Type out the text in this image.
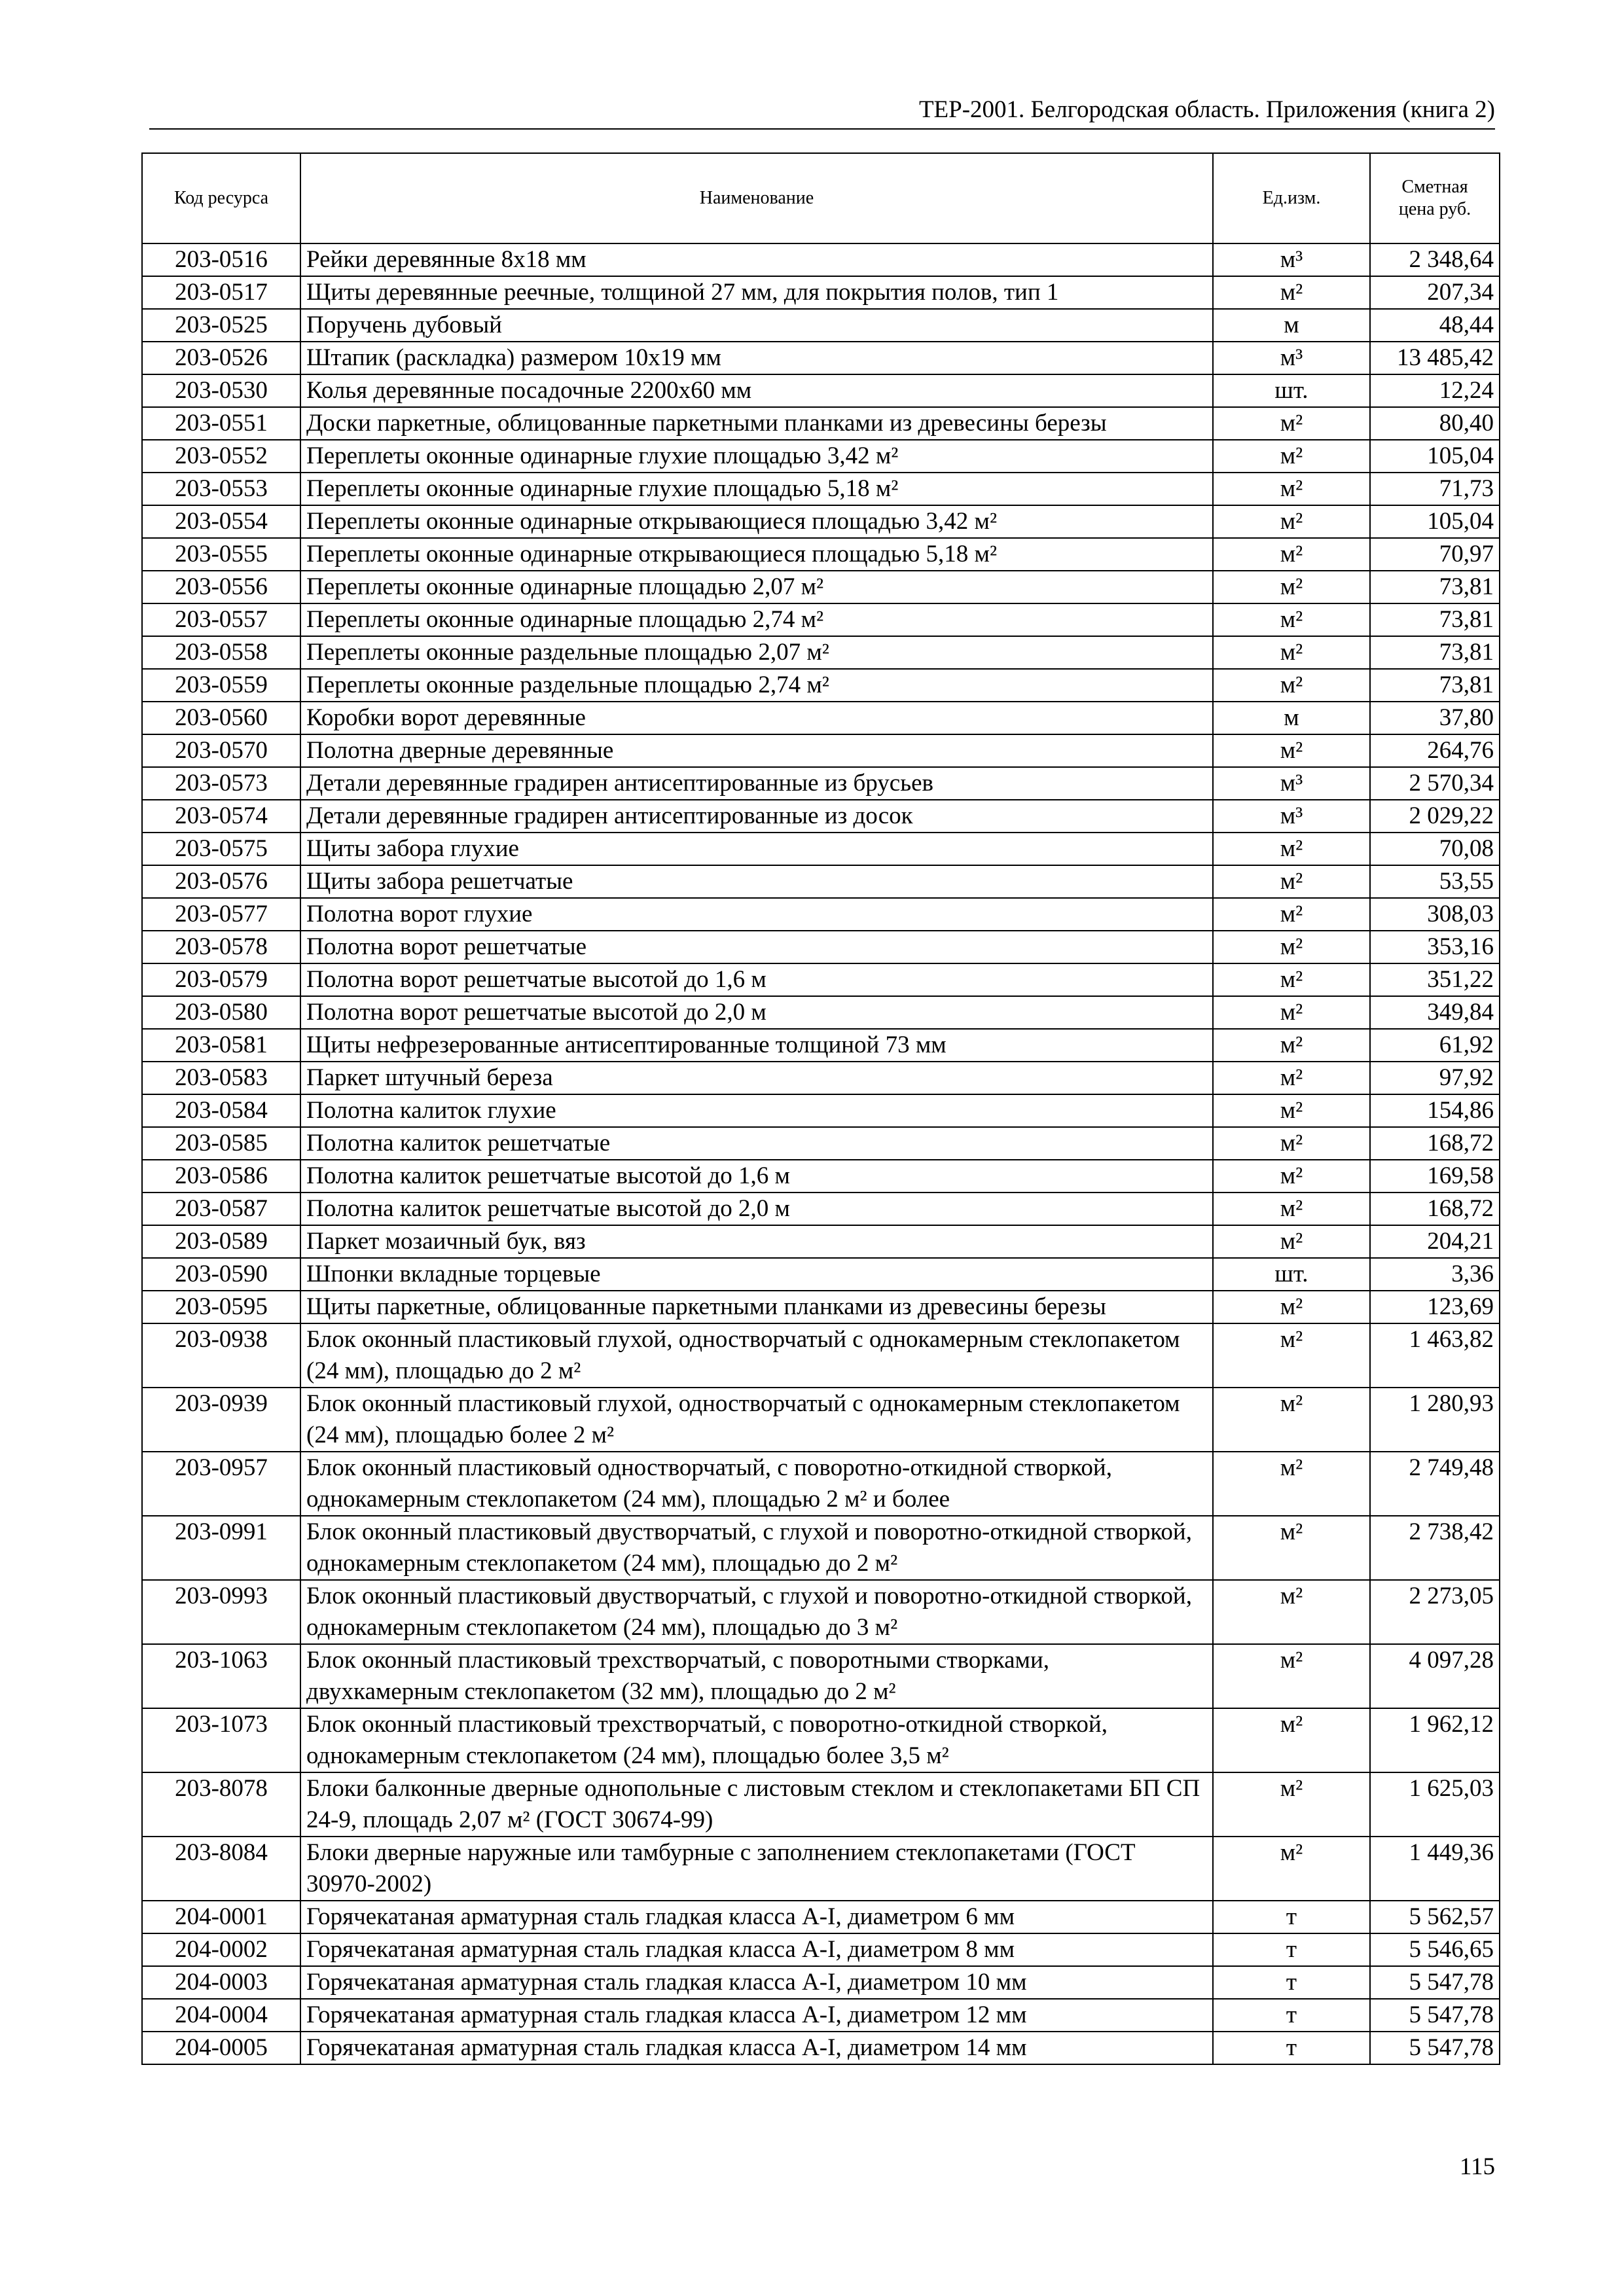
ТЕР-2001. Белгородская область. Приложения (книга 2)
Код ресурса	Наименование	Ед.изм.	Сметная цена руб.
203-0516	Рейки деревянные 8х18 мм	м³	2 348,64
203-0517	Щиты деревянные реечные, толщиной 27 мм, для покрытия полов, тип 1	м²	207,34
203-0525	Поручень дубовый	м	48,44
203-0526	Штапик (раскладка) размером 10х19 мм	м³	13 485,42
203-0530	Колья деревянные посадочные 2200х60 мм	шт.	12,24
203-0551	Доски паркетные, облицованные паркетными планками из древесины березы	м²	80,40
203-0552	Переплеты оконные одинарные глухие площадью 3,42 м²	м²	105,04
203-0553	Переплеты оконные одинарные глухие площадью 5,18 м²	м²	71,73
203-0554	Переплеты оконные одинарные открывающиеся площадью 3,42 м²	м²	105,04
203-0555	Переплеты оконные одинарные открывающиеся площадью 5,18 м²	м²	70,97
203-0556	Переплеты оконные одинарные площадью 2,07 м²	м²	73,81
203-0557	Переплеты оконные одинарные площадью 2,74 м²	м²	73,81
203-0558	Переплеты оконные раздельные площадью 2,07 м²	м²	73,81
203-0559	Переплеты оконные раздельные площадью 2,74 м²	м²	73,81
203-0560	Коробки ворот деревянные	м	37,80
203-0570	Полотна дверные деревянные	м²	264,76
203-0573	Детали деревянные градирен антисептированные из брусьев	м³	2 570,34
203-0574	Детали деревянные градирен антисептированные из досок	м³	2 029,22
203-0575	Щиты забора глухие	м²	70,08
203-0576	Щиты забора решетчатые	м²	53,55
203-0577	Полотна ворот глухие	м²	308,03
203-0578	Полотна ворот решетчатые	м²	353,16
203-0579	Полотна ворот решетчатые высотой до 1,6 м	м²	351,22
203-0580	Полотна ворот решетчатые высотой до 2,0 м	м²	349,84
203-0581	Щиты нефрезерованные антисептированные толщиной 73 мм	м²	61,92
203-0583	Паркет штучный береза	м²	97,92
203-0584	Полотна калиток глухие	м²	154,86
203-0585	Полотна калиток решетчатые	м²	168,72
203-0586	Полотна калиток решетчатые высотой до 1,6 м	м²	169,58
203-0587	Полотна калиток решетчатые высотой до 2,0 м	м²	168,72
203-0589	Паркет мозаичный бук, вяз	м²	204,21
203-0590	Шпонки вкладные торцевые	шт.	3,36
203-0595	Щиты паркетные, облицованные паркетными планками из древесины березы	м²	123,69
203-0938	Блок оконный пластиковый глухой, одностворчатый с однокамерным стеклопакетом (24 мм), площадью до 2 м²	м²	1 463,82
203-0939	Блок оконный пластиковый глухой, одностворчатый с однокамерным стеклопакетом (24 мм), площадью более 2 м²	м²	1 280,93
203-0957	Блок оконный пластиковый одностворчатый, с поворотно-откидной створкой, однокамерным стеклопакетом (24 мм), площадью 2 м² и более	м²	2 749,48
203-0991	Блок оконный пластиковый двустворчатый, с глухой и поворотно-откидной створкой, однокамерным стеклопакетом (24 мм), площадью до 2 м²	м²	2 738,42
203-0993	Блок оконный пластиковый двустворчатый, с глухой и поворотно-откидной створкой, однокамерным стеклопакетом (24 мм), площадью до 3 м²	м²	2 273,05
203-1063	Блок оконный пластиковый трехстворчатый, с поворотными створками, двухкамерным стеклопакетом (32 мм), площадью до 2 м²	м²	4 097,28
203-1073	Блок оконный пластиковый трехстворчатый, с поворотно-откидной створкой, однокамерным стеклопакетом (24 мм), площадью более 3,5 м²	м²	1 962,12
203-8078	Блоки балконные дверные однопольные с листовым стеклом и стеклопакетами БП СП 24-9, площадь 2,07 м² (ГОСТ 30674-99)	м²	1 625,03
203-8084	Блоки дверные наружные или тамбурные с заполнением стеклопакетами (ГОСТ 30970-2002)	м²	1 449,36
204-0001	Горячекатаная арматурная сталь гладкая класса А-I, диаметром 6 мм	т	5 562,57
204-0002	Горячекатаная арматурная сталь гладкая класса А-I, диаметром 8 мм	т	5 546,65
204-0003	Горячекатаная арматурная сталь гладкая класса А-I, диаметром 10 мм	т	5 547,78
204-0004	Горячекатаная арматурная сталь гладкая класса А-I, диаметром 12 мм	т	5 547,78
204-0005	Горячекатаная арматурная сталь гладкая класса А-I, диаметром 14 мм	т	5 547,78
115
